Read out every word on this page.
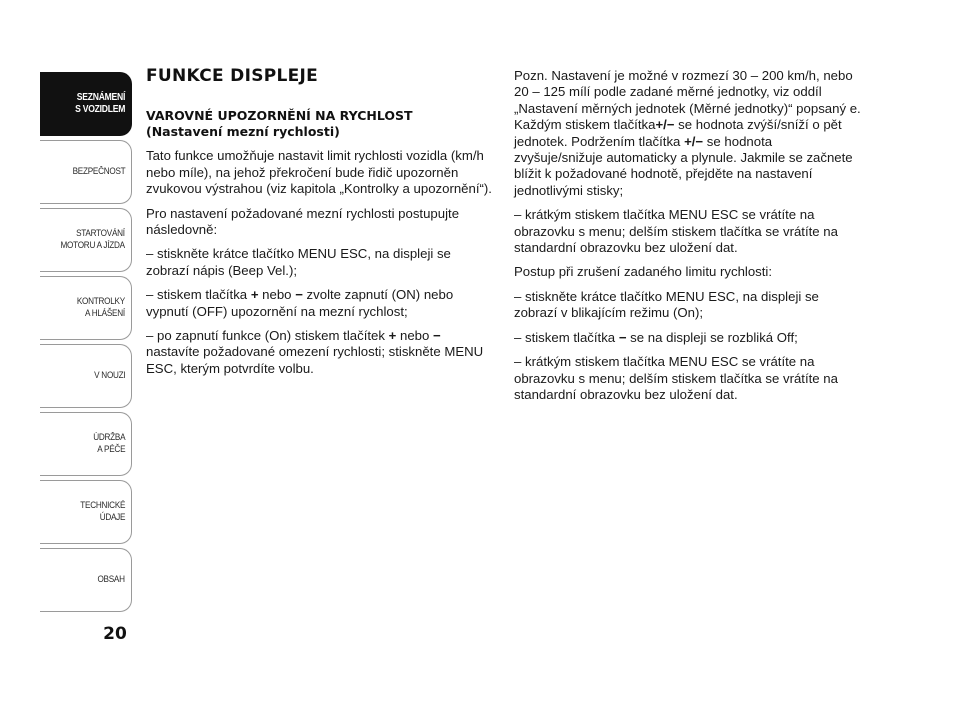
SEZNÁMENÍ
S VOZIDLEM
BEZPEČNOST
STARTOVÁNÍ
MOTORU A JÍZDA
KONTROLKY
A HLÁŠENÍ
V NOUZI
ÚDRŽBA
A PÉČE
TECHNICKÉ
ÚDAJE
OBSAH
20
FUNKCE DISPLEJE
VAROVNÉ UPOZORNĚNÍ NA RYCHLOST
(Nastavení mezní rychlosti)

Tato funkce umožňuje nastavit limit rychlosti vozidla (km/h nebo míle), na jehož překročení bude řidič upozorněn zvukovou výstrahou (viz kapitola „Kontrolky a upozornění“).

Pro nastavení požadované mezní rychlosti postupujte následovně:

– stiskněte krátce tlačítko MENU ESC, na displeji se zobrazí nápis (Beep Vel.);

– stiskem tlačítka + nebo − zvolte zapnutí (ON) nebo vypnutí (OFF) upozornění na mezní rychlost;

– po zapnutí funkce (On) stiskem tlačítek + nebo − nastavíte požadované omezení rychlosti; stiskněte MENU ESC, kterým potvrdíte volbu.

Pozn. Nastavení je možné v rozmezí 30 – 200 km/h, nebo 20 – 125 mílí podle zadané měrné jednotky, viz oddíl „Nastavení měrných jednotek (Měrné jednotky)“ popsaný e. Každým stiskem tlačítka+/− se hodnota zvýší/sníží o pět jednotek. Podržením tlačítka +/− se hodnota zvyšuje/snižuje automaticky a plynule. Jakmile se začnete blížit k požadované hodnotě, přejděte na nastavení jednotlivými stisky;

– krátkým stiskem tlačítka MENU ESC se vrátíte na obrazovku s menu; delším stiskem tlačítka se vrátíte na standardní obrazovku bez uložení dat.

Postup při zrušení zadaného limitu rychlosti:

– stiskněte krátce tlačítko MENU ESC, na displeji se zobrazí v blikajícím režimu (On);

– stiskem tlačítka − se na displeji se rozbliká Off;

– krátkým stiskem tlačítka MENU ESC se vrátíte na obrazovku s menu; delším stiskem tlačítka se vrátíte na standardní obrazovku bez uložení dat.
